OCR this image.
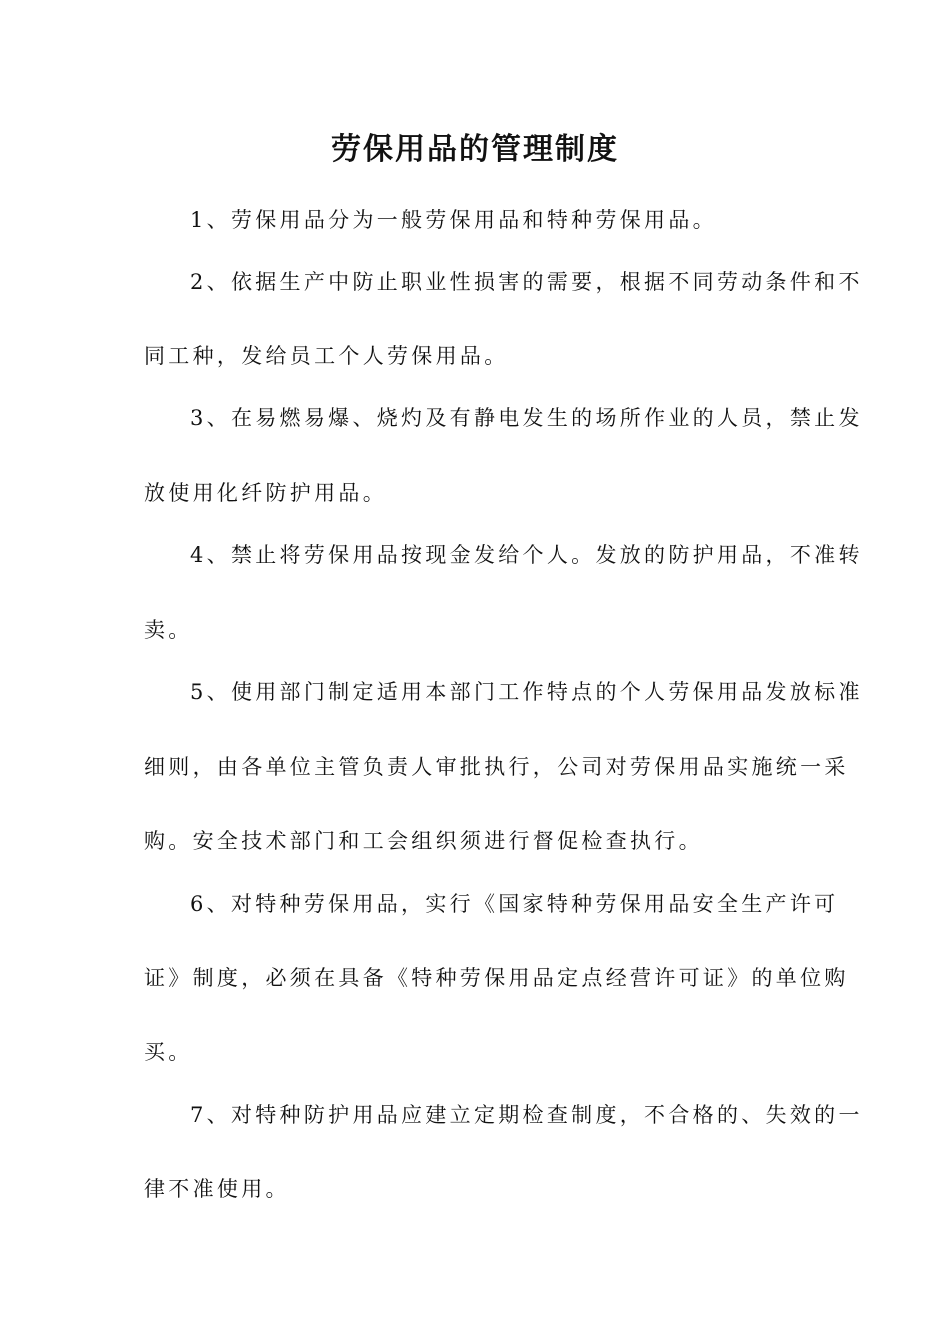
劳保用品的管理制度
1、劳保用品分为一般劳保用品和特种劳保用品。
2、依据生产中防止职业性损害的需要，根据不同劳动条件和不
同工种，发给员工个人劳保用品。
3、在易燃易爆、烧灼及有静电发生的场所作业的人员，禁止发
放使用化纤防护用品。
4、禁止将劳保用品按现金发给个人。发放的防护用品，不准转
卖。
5、使用部门制定适用本部门工作特点的个人劳保用品发放标准
细则，由各单位主管负责人审批执行，公司对劳保用品实施统一采
购。安全技术部门和工会组织须进行督促检查执行。
6、对特种劳保用品，实行《国家特种劳保用品安全生产许可
证》制度，必须在具备《特种劳保用品定点经营许可证》的单位购
买。
7、对特种防护用品应建立定期检查制度，不合格的、失效的一
律不准使用。
